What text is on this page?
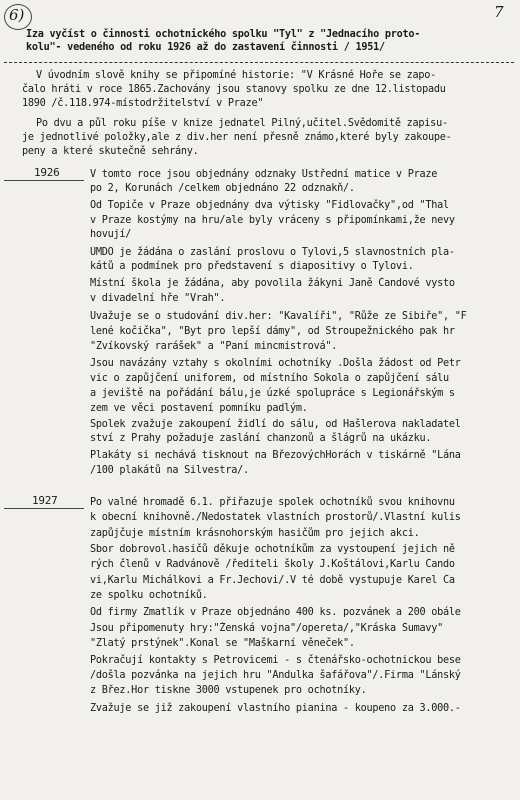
6)	7
Iza vyčíst o činnosti ochotnického spolku "Tyl" z "Jednacího proto-
kolu"- vedeného od roku 1926 až do zastavení činnosti / 1951/
V úvodním slově knihy se připomíné historie: "V Krásné Hoře se zapo-
čalo hráti v roce 1865.Zachovány jsou stanovy spolku ze dne 12.listopadu
1890 /č.118.974-místodržitelství v Praze"
Po dvu a půl roku píše v knize jednatel Pilný,učitel.Svědomitě zapisu-
je jednotlivé položky,ale z div.her není přesně známo,které byly zakoupe-
peny a které skutečně sehrány.
1926	V tomto roce jsou objednány odznaky Ústřední matice v Praze
po 2, Korunách /celkem objednáno 22 odznakň/.
Od Topiče v Praze objednány dva výtisky "Fidlovačky",od "Thal
v Praze kostýmy na hru/ale byly vráceny s připomínkami,že nevy
hovují/
ÚMDO je žádána o zaslání proslovu o Tylovi,5 slavnostních pla-
kátů a podmínek pro představení s diapositivy o Tylovi.
Místní škola je žádána, aby povolila žákyni Janě Čandové vysto
v divadelní hře "Vrah".
Uvažuje se o studování div.her: "Kavalíři", "Růže ze Sibiře", "F
lené kočička", "Byt pro lepší dámy", od Stroupežnického pak hr
"Zvíkovský rarášek" a "Paní mincmistrová".
Jsou navázány vztahy s okolními ochotníky .Došla žádost od Petr
vic o zapůjčení uniforem, od místního Sokola o zapůjčení sálu
a jeviště na pořádání bálu,je úzké spolupráce s Legionářským s
zem ve věci postavení pomníku padlým.
Spolek zvažuje zakoupení židlí do sálu, od Hašlerova nakladatel
ství z Prahy požaduje zaslání chanzonů a šlágrů na ukázku.
Plakáty si nechává tisknout na BřezovýchHorách v tiskárně "Lána
/100 plakátů na Silvestra/.
1927	Po valné hromadě 6.1. přiřazuje spolek ochotníků svou knihovnu
k obecní knihovně./Nedostatek vlastních prostorů/.Vlastní kulis
zapůjčuje místním krásnohorským hasičům pro jejich akci.
Sbor dobrovol.hasičů děkuje ochotníkům za vystoupení jejich ně
rých členů v Radvánově /řediteli školy J.Koštálovi,Karlu Čando
vi,Karlu Michálkovi a Fr.Jechovi/.V té době vystupuje Karel Ča
ze spolku ochotníků.
Od firmy Zmatlík v Praze objednáno 400 ks. pozvánek a 200 obále
Jsou připomenuty hry:"Ženská vojna"/opereta/,"Kráska Šumavy"
"Zlatý prstýnek".Konal se "Maškarní věneček".
Pokračují kontakty s Petrovicemi - s čtenářsko-ochotnickou bese
/došla pozvánka na jejich hru "Andulka šafářova"/.Firma "Lánský
z Břez.Hor tiskne 3000 vstupenek pro ochotníky.
Zvažuje se již zakoupení vlastního pianina - koupeno za 3.000.-
